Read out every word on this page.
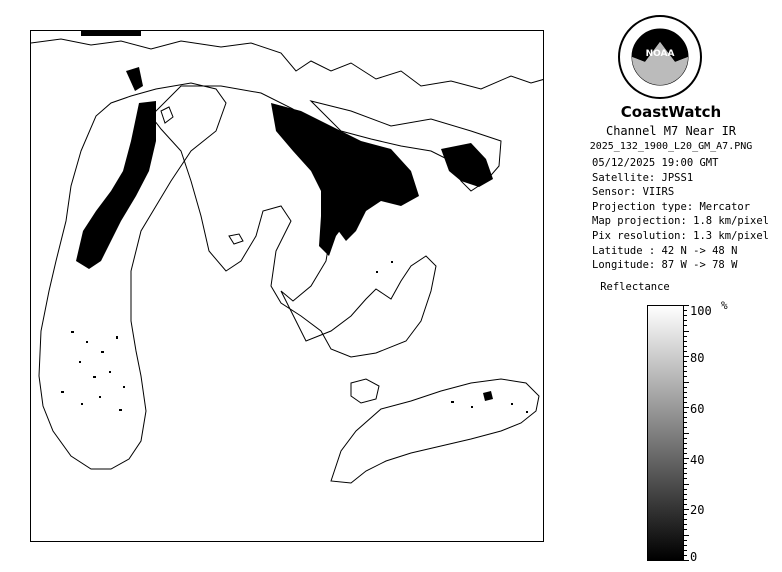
NOAA
CoastWatch
Channel M7 Near IR
2025_132_1900_L20_GM_A7.PNG
05/12/2025 19:00 GMT
Satellite: JPSS1
Sensor: VIIRS
Projection type: Mercator
Map projection: 1.8 km/pixel
Pix resolution: 1.3 km/pixel
Latitude : 42 N -> 48 N
Longitude: 87 W -> 78 W
Reflectance
100
80
60
40
20
0
%
